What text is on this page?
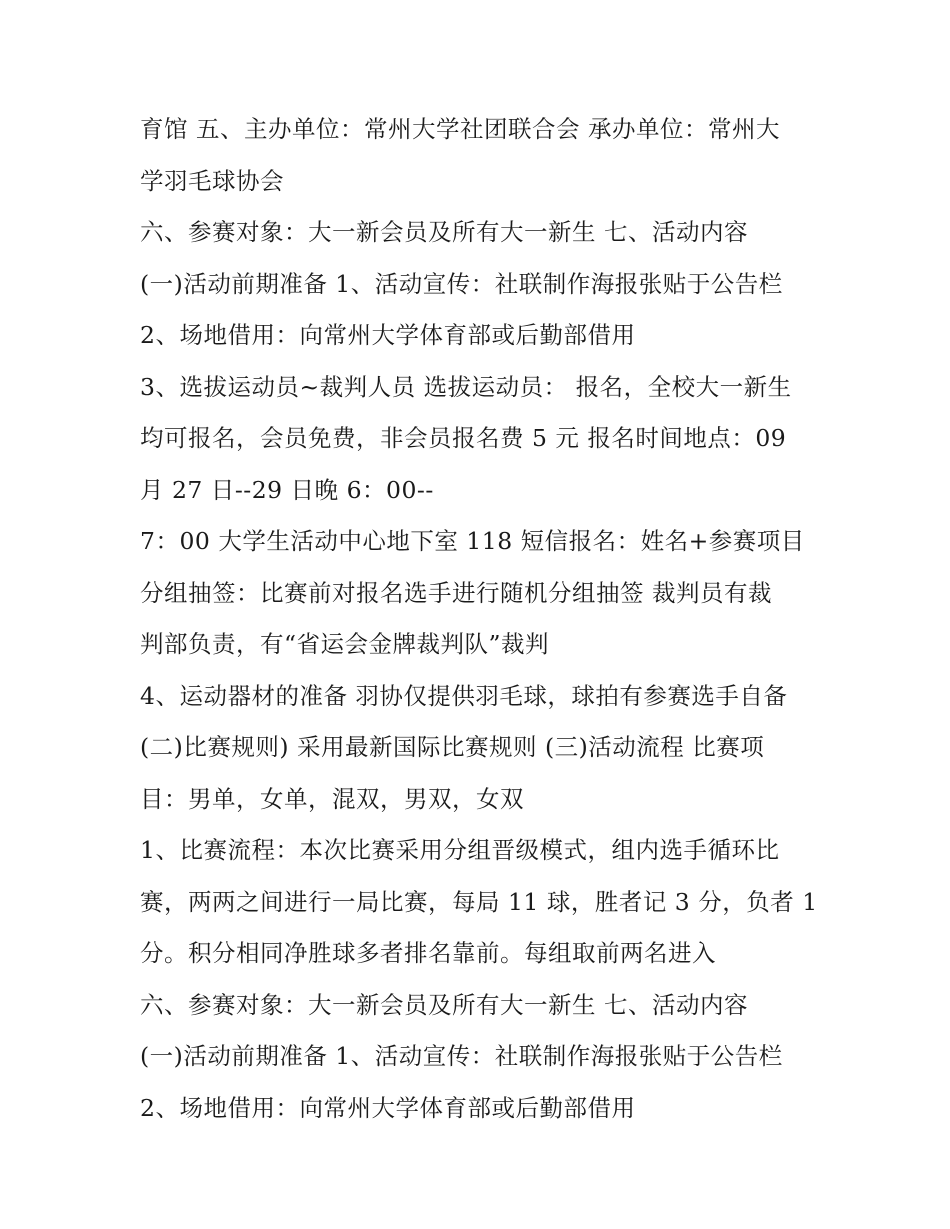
育馆 五、主办单位：常州大学社团联合会 承办单位：常州大
学羽毛球协会
六、参赛对象：大一新会员及所有大一新生 七、活动内容
(一)活动前期准备 1、活动宣传：社联制作海报张贴于公告栏
2、场地借用：向常州大学体育部或后勤部借用
3、选拔运动员~裁判人员 选拔运动员： 报名，全校大一新生
均可报名，会员免费，非会员报名费 5 元 报名时间地点：09
月 27 日--29 日晚 6：00--
7：00 大学生活动中心地下室 118 短信报名：姓名+参赛项目
分组抽签：比赛前对报名选手进行随机分组抽签 裁判员有裁
判部负责，有“省运会金牌裁判队”裁判
4、运动器材的准备 羽协仅提供羽毛球，球拍有参赛选手自备
(二)比赛规则) 采用最新国际比赛规则 (三)活动流程 比赛项
目：男单，女单，混双，男双，女双
1、比赛流程：本次比赛采用分组晋级模式，组内选手循环比
赛，两两之间进行一局比赛，每局 11 球，胜者记 3 分，负者 1
分。积分相同净胜球多者排名靠前。每组取前两名进入
六、参赛对象：大一新会员及所有大一新生 七、活动内容
(一)活动前期准备 1、活动宣传：社联制作海报张贴于公告栏
2、场地借用：向常州大学体育部或后勤部借用
